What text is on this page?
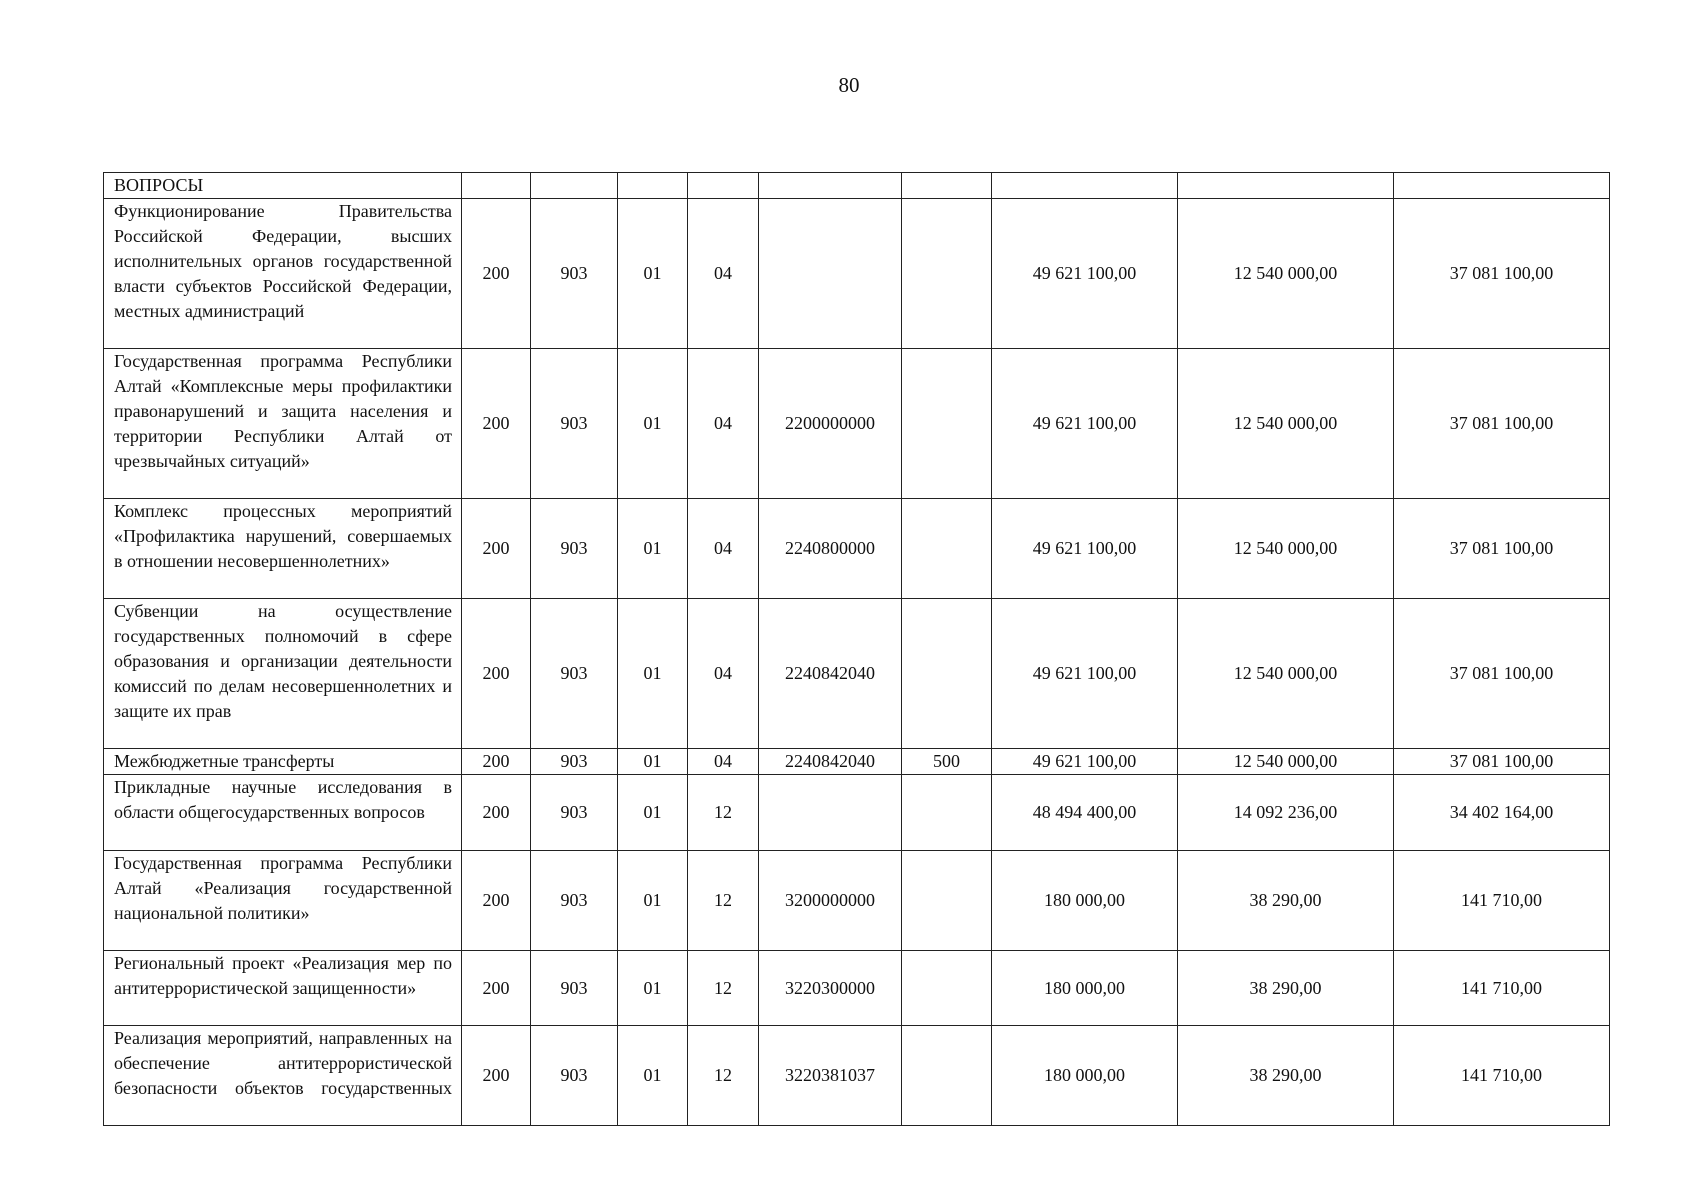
80
ВОПРОСЫ									

Функционирование Правительства Российской Федерации, высших исполнительных органов государственной власти субъектов Российской Федерации, местных администраций	200	903	01	04			49 621 100,00	12 540 000,00	37 081 100,00

Государственная программа Республики Алтай «Комплексные меры профилактики правонарушений и защита населения и территории Республики Алтай от чрезвычайных ситуаций»	200	903	01	04	2200000000		49 621 100,00	12 540 000,00	37 081 100,00

Комплекс процессных мероприятий «Профилактика нарушений, совершаемых в отношении несовершеннолетних»	200	903	01	04	2240800000		49 621 100,00	12 540 000,00	37 081 100,00

Субвенции на осуществление государственных полномочий в сфере образования и организации деятельности комиссий по делам несовершеннолетних и защите их прав	200	903	01	04	2240842040		49 621 100,00	12 540 000,00	37 081 100,00

Межбюджетные трансферты	200	903	01	04	2240842040	500	49 621 100,00	12 540 000,00	37 081 100,00

Прикладные научные исследования в области общегосударственных вопросов	200	903	01	12			48 494 400,00	14 092 236,00	34 402 164,00

Государственная программа Республики Алтай «Реализация государственной национальной политики»	200	903	01	12	3200000000		180 000,00	38 290,00	141 710,00

Региональный проект «Реализация мер по антитеррористической защищенности»	200	903	01	12	3220300000		180 000,00	38 290,00	141 710,00

Реализация мероприятий, направленных на обеспечение антитеррористической безопасности объектов государственных	200	903	01	12	3220381037		180 000,00	38 290,00	141 710,00
